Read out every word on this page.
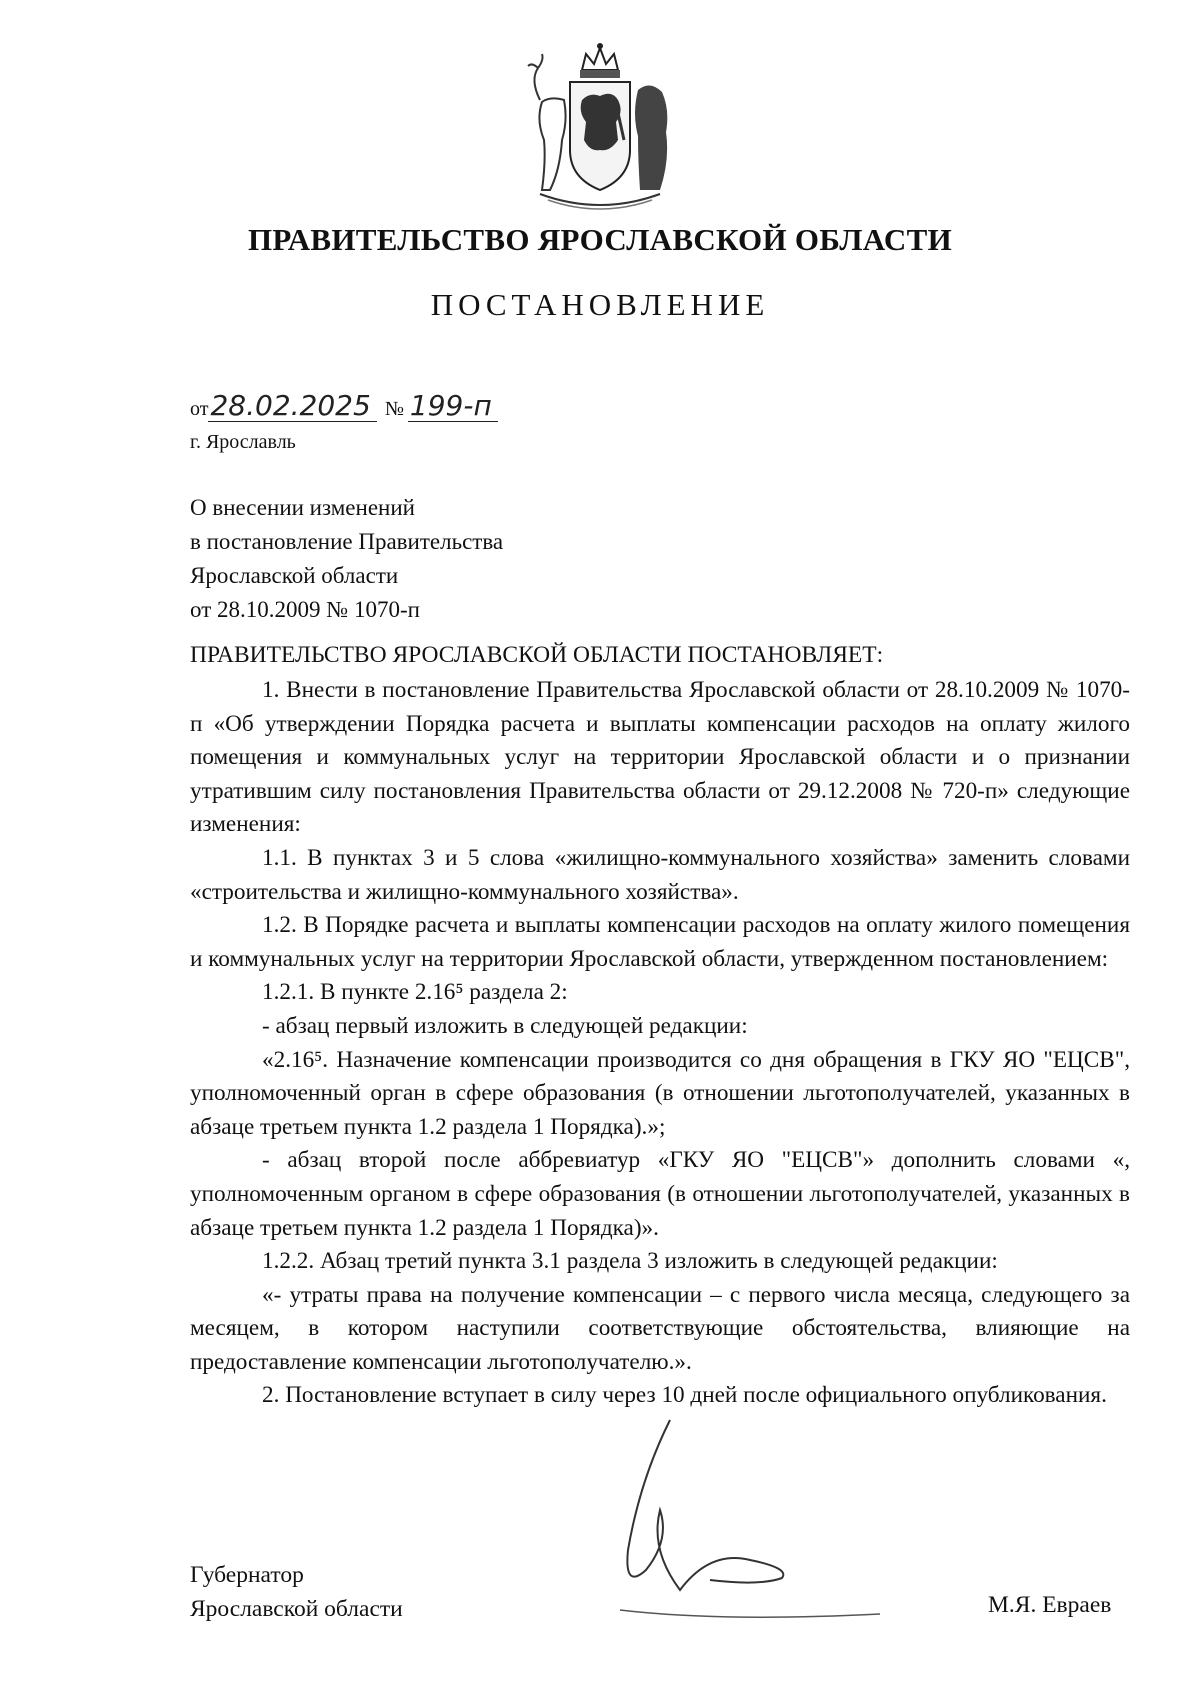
ПРАВИТЕЛЬСТВО ЯРОСЛАВСКОЙ ОБЛАСТИ
ПОСТАНОВЛЕНИЕ
от28.02.2025 № 199-п
г. Ярославль
О внесении изменений
в постановление Правительства
Ярославской области
от 28.10.2009 № 1070-п
ПРАВИТЕЛЬСТВО ЯРОСЛАВСКОЙ ОБЛАСТИ ПОСТАНОВЛЯЕТ:

1. Внести в постановление Правительства Ярославской области от 28.10.2009 № 1070-п «Об утверждении Порядка расчета и выплаты компенсации расходов на оплату жилого помещения и коммунальных услуг на территории Ярославской области и о признании утратившим силу постановления Правительства области от 29.12.2008 № 720-п» следующие изменения:

1.1. В пунктах 3 и 5 слова «жилищно-коммунального хозяйства» заменить словами «строительства и жилищно-коммунального хозяйства».

1.2. В Порядке расчета и выплаты компенсации расходов на оплату жилого помещения и коммунальных услуг на территории Ярославской области, утвержденном постановлением:

1.2.1. В пункте 2.16⁵ раздела 2:

- абзац первый изложить в следующей редакции:

«2.16⁵. Назначение компенсации производится со дня обращения в ГКУ ЯО "ЕЦСВ", уполномоченный орган в сфере образования (в отношении льготополучателей, указанных в абзаце третьем пункта 1.2 раздела 1 Порядка).»;

- абзац второй после аббревиатур «ГКУ ЯО "ЕЦСВ"» дополнить словами «, уполномоченным органом в сфере образования (в отношении льготополучателей, указанных в абзаце третьем пункта 1.2 раздела 1 Порядка)».

1.2.2. Абзац третий пункта 3.1 раздела 3 изложить в следующей редакции:

«- утраты права на получение компенсации – с первого числа месяца, следующего за месяцем, в котором наступили соответствующие обстоятельства, влияющие на предоставление компенсации льготополучателю.».

2. Постановление вступает в силу через 10 дней после официального опубликования.

Губернатор
Ярославской области	М.Я. Евраев
